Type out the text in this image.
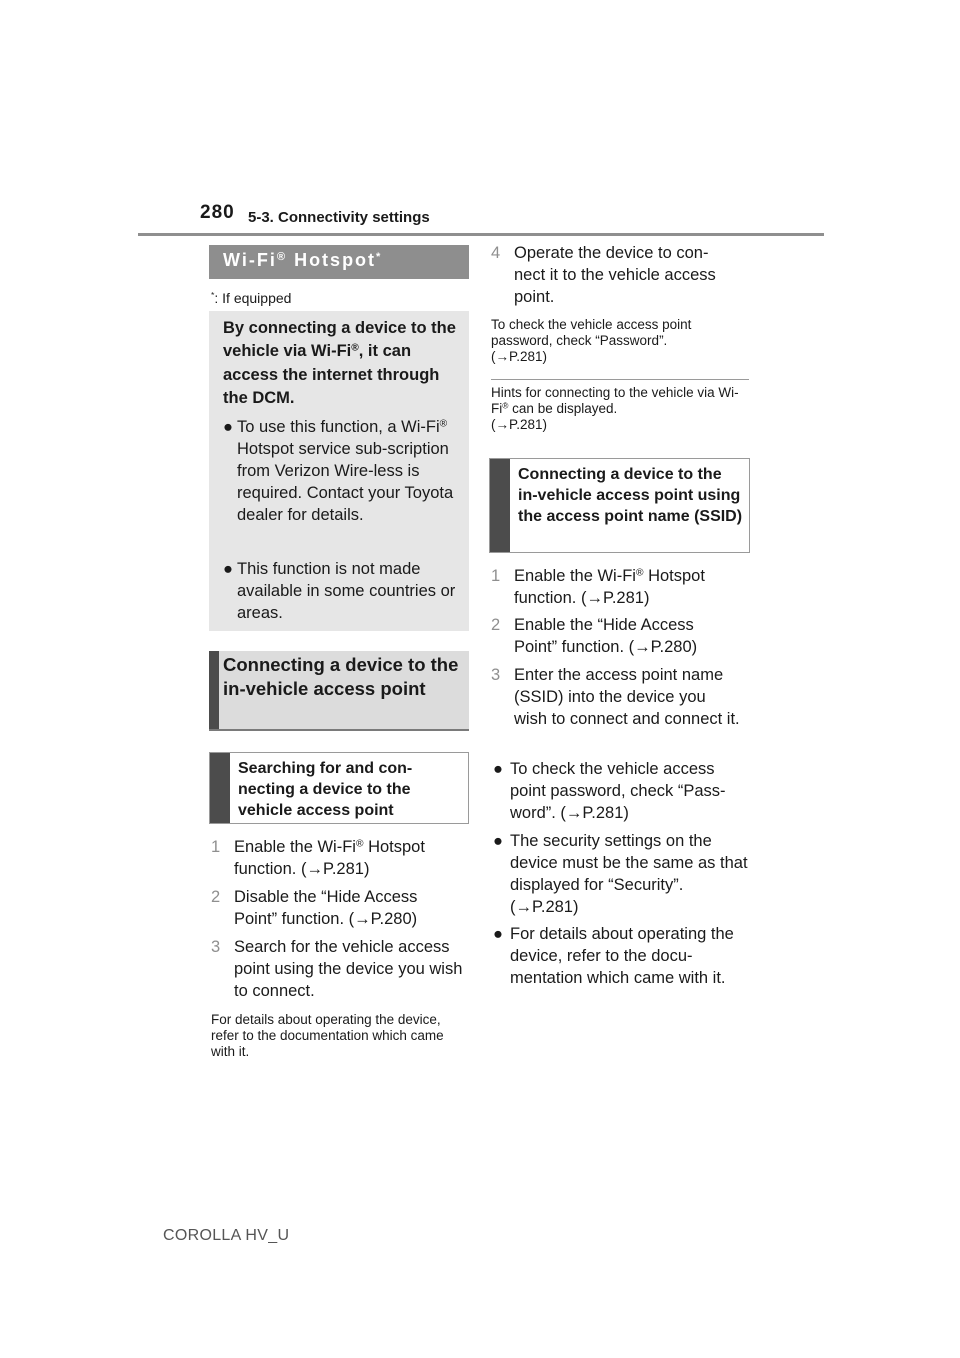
280 5-3. Connectivity settings
Wi-Fi® Hotspot*
*: If equipped
By connecting a device to the vehicle via Wi-Fi®, it can access the internet through the DCM.
● To use this function, a Wi-Fi® Hotspot service sub-scription from Verizon Wire-less is required. Contact your Toyota dealer for details.
● This function is not made available in some countries or areas.
Connecting a device to the in-vehicle access point
Searching for and con-necting a device to the vehicle access point
1 Enable the Wi-Fi® Hotspot function. (→P.281)
2 Disable the “Hide Access Point” function. (→P.280)
3 Search for the vehicle access point using the device you wish to connect.
For details about operating the device, refer to the documentation which came with it.
4 Operate the device to con-nect it to the vehicle access point.

To check the vehicle access point password, check “Password”.

(→P.281)

Hints for connecting to the vehicle via Wi-Fi® can be displayed.

(→P.281)

Connecting a device to the in-vehicle access point using the access point name (SSID)
1 Enable the Wi-Fi® Hotspot function. (→P.281)
2 Enable the “Hide Access Point” function. (→P.280)
3 Enter the access point name (SSID) into the device you wish to connect and connect it.
● To check the vehicle access point password, check “Pass-word”. (→P.281)
● The security settings on the device must be the same as that displayed for “Security”. (→P.281)
● For details about operating the device, refer to the docu-mentation which came with it.
COROLLA HV_U
